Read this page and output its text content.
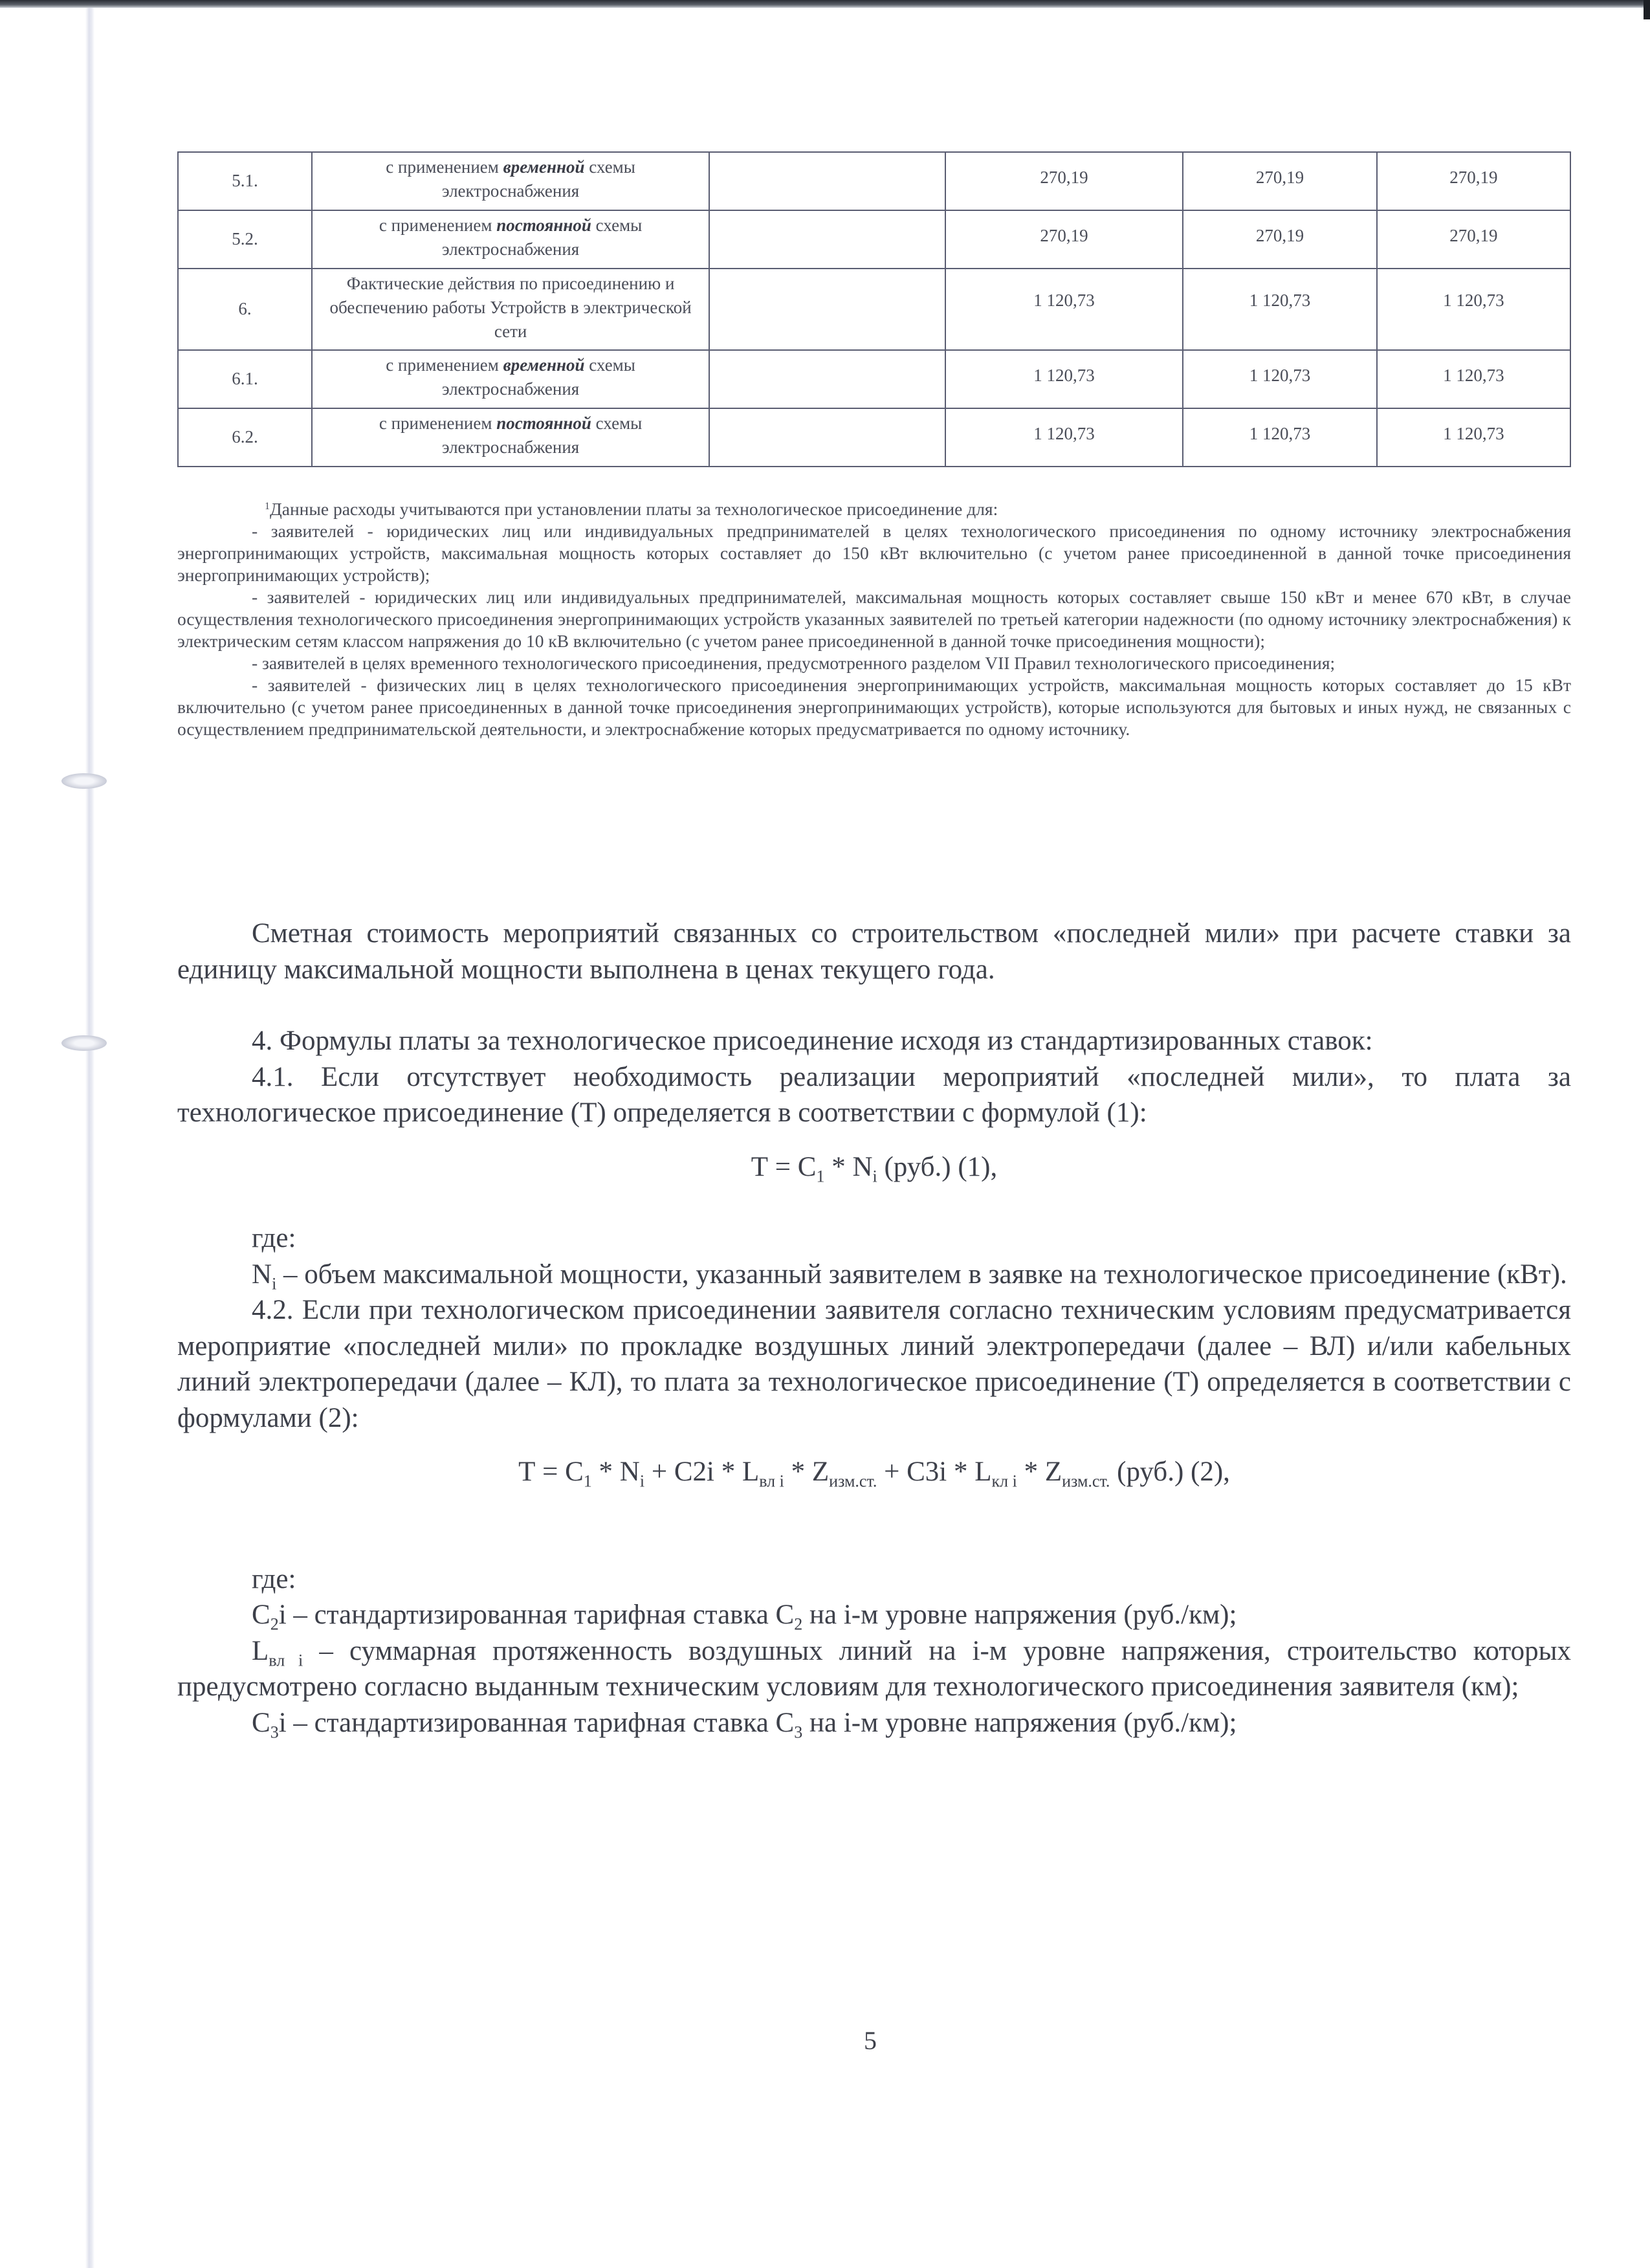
5.1.	с применением временной схемы электроснабжения		270,19	270,19	270,19
5.2.	с применением постоянной схемы электроснабжения		270,19	270,19	270,19
6.	Фактические действия по присоединению и обеспечению работы Устройств в электрической сети		1 120,73	1 120,73	1 120,73
6.1.	с применением временной схемы электроснабжения		1 120,73	1 120,73	1 120,73
6.2.	с применением постоянной схемы электроснабжения		1 120,73	1 120,73	1 120,73

$^1$Данные расходы учитываются при установлении платы за технологическое присоединение для:

- заявителей - юридических лиц или индивидуальных предпринимателей в целях технологического присоединения по одному источнику электроснабжения энергопринимающих устройств, максимальная мощность которых составляет до 150 кВт включительно (с учетом ранее присоединенной в данной точке присоединения энергопринимающих устройств);

- заявителей - юридических лиц или индивидуальных предпринимателей, максимальная мощность которых составляет свыше 150 кВт и менее 670 кВт, в случае осуществления технологического присоединения энергопринимающих устройств указанных заявителей по третьей категории надежности (по одному источнику электроснабжения) к электрическим сетям классом напряжения до 10 кВ включительно (с учетом ранее присоединенной в данной точке присоединения мощности);

- заявителей в целях временного технологического присоединения, предусмотренного разделом VII Правил технологического присоединения;

- заявителей - физических лиц в целях технологического присоединения энергопринимающих устройств, максимальная мощность которых составляет до 15 кВт включительно (с учетом ранее присоединенных в данной точке присоединения энергопринимающих устройств), которые используются для бытовых и иных нужд, не связанных с осуществлением предпринимательской деятельности, и электроснабжение которых предусматривается по одному источнику.

Сметная стоимость мероприятий связанных со строительством «последней мили» при расчете ставки за единицу максимальной мощности выполнена в ценах текущего года.

4. Формулы платы за технологическое присоединение исходя из стандартизированных ставок:

4.1. Если отсутствует необходимость реализации мероприятий «последней мили», то плата за технологическое присоединение (Т) определяется в соответствии с формулой (1):

$Т = С_1 * N_i$ (руб.) (1),

где:

$N_i$ – объем максимальной мощности, указанный заявителем в заявке на технологическое присоединение (кВт).

4.2. Если при технологическом присоединении заявителя согласно техническим условиям предусматривается мероприятие «последней мили» по прокладке воздушных линий электропередачи (далее – ВЛ) и/или кабельных линий электропередачи (далее – КЛ), то плата за технологическое присоединение (Т) определяется в соответствии с формулами (2):

$Т = С_1 * N_i + С2i * L_{вл i} * Z_{изм.ст.} + С3i * L_{кл i} * Z_{изм.ст.}$ (руб.) (2),

где:

$С_2i$ – стандартизированная тарифная ставка $С_2$ на i-м уровне напряжения (руб./км);

$L_{вл i}$ – суммарная протяженность воздушных линий на i-м уровне напряжения, строительство которых предусмотрено согласно выданным техническим условиям для технологического присоединения заявителя (км);

$С_3i$ – стандартизированная тарифная ставка $С_3$ на i-м уровне напряжения (руб./км);

5
